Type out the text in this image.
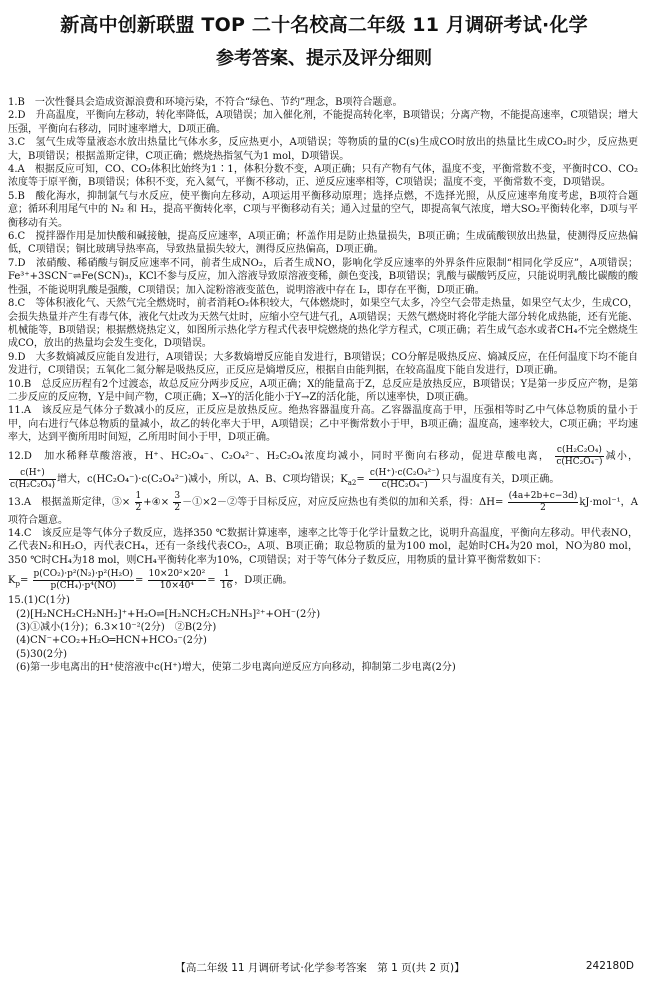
新高中创新联盟 TOP 二十名校高二年级 11 月调研考试·化学
参考答案、提示及评分细则
1.B　一次性餐具会造成资源浪费和环境污染，不符合“绿色、节约”理念，B项符合题意。
2.D　升高温度，平衡向左移动，转化率降低，A项错误；加入催化剂，不能提高转化率，B项错误；分离产物，不能提高速率，C项错误；增大压强，平衡向右移动，同时速率增大，D项正确。
3.C　氢气生成等量液态水放出热量比气体水多，反应热更小，A项错误；等物质的量的C(s)生成CO时放出的热量比生成CO₂时少，反应热更大，B项错误；根据盖斯定律，C项正确；燃烧热指氢气为1 mol，D项错误。
4.A　根据反应可知，CO、CO₂体积比始终为1∶1，体积分数不变，A项正确；只有产物有气体，温度不变，平衡常数不变，平衡时CO、CO₂浓度等于原平衡，B项错误；体积不变，充入氦气，平衡不移动，正、逆反应速率相等，C项错误；温度不变，平衡常数不变，D项错误。
5.B　酸化海水，抑制氯气与水反应，使平衡向左移动，A项运用平衡移动原理；选择点燃，不选择光照，从反应速率角度考虑，B项符合题意；循环利用尾气中的 N₂ 和 H₂，提高平衡转化率，C项与平衡移动有关；通入过量的空气，即提高氧气浓度，增大SO₂平衡转化率，D项与平衡移动有关。
6.C　搅拌器作用是加快酸和碱接触，提高反应速率，A项正确；杯盖作用是防止热量损失，B项正确；生成硫酸钡放出热量，使测得反应热偏低，C项错误；铜比玻璃导热率高，导致热量损失较大，测得反应热偏高，D项正确。
7.D　浓硝酸、稀硝酸与铜反应速率不同，前者生成NO₂，后者生成NO，影响化学反应速率的外界条件应限制“相同化学反应”，A项错误；Fe³⁺+3SCN⁻⇌Fe(SCN)₃，KCl不参与反应，加入溶液导致原溶液变稀，颜色变浅，B项错误；乳酸与碳酸钙反应，只能说明乳酸比碳酸的酸性强，不能说明乳酸是强酸，C项错误；加入淀粉溶液变蓝色，说明溶液中存在 I₂，即存在平衡，D项正确。
8.C　等体积液化气、天然气完全燃烧时，前者消耗O₂体积较大，气体燃烧时，如果空气太多，冷空气会带走热量，如果空气太少，生成CO，会损失热量并产生有毒气体，液化气灶改为天然气灶时，应缩小空气进气孔，A项错误；天然气燃烧时将化学能大部分转化成热能，还有光能、机械能等，B项错误；根据燃烧热定义，如图所示热化学方程式代表甲烷燃烧的热化学方程式，C项正确；若生成气态水或者CH₄不完全燃烧生成CO，放出的热量均会发生变化，D项错误。
9.D　大多数熵减反应能自发进行，A项错误；大多数熵增反应能自发进行，B项错误；CO分解是吸热反应、熵减反应，在任何温度下均不能自发进行，C项错误；五氧化二氮分解是吸热反应，正反应是熵增反应，根据自由能判据，在较高温度下能自发进行，D项正确。
10.B　总反应历程有2个过渡态，故总反应分两步反应，A项正确；X的能量高于Z，总反应是放热反应，B项错误；Y是第一步反应产物，是第二步反应的反应物，Y是中间产物，C项正确；X→Y的活化能小于Y→Z的活化能，所以速率快，D项正确。
11.A　该反应是气体分子数减小的反应，正反应是放热反应。绝热容器温度升高。乙容器温度高于甲，压强相等时乙中气体总物质的量小于甲，向右进行气体总物质的量减小，故乙的转化率大于甲，A项错误；乙中平衡常数小于甲，B项正确；温度高，速率较大，C项正确；平均速率大，达到平衡所用时间短，乙所用时间小于甲，D项正确。
12.D　加水稀释草酸溶液，H⁺、HC₂O₄⁻、C₂O₄²⁻、H₂C₂O₄浓度均减小，同时平衡向右移动，促进草酸电离， $\frac{\text{c(H₂C₂O₄)}}{\text{c(HC₂O₄⁻)}}$ 减小，
$\frac{c(H^+)}{\text{c(H₂C₂O₄)}}$ 增大，c(HC₂O₄⁻)·c(C₂O₄²⁻)减小，所以，A、B、C项均错误；$K_{a2}= \frac{\text{c(H⁺)·c(C₂O₄²⁻)}}{\text{c(HC₂O₄⁻)}}$ 只与温度有关，D项正确。
13.A　根据盖斯定律，③× $\frac{1}{2}$ +④× $\frac{3}{2}$ －①×2－②等于目标反应，对应反应热也有类似的加和关系，得：$\Delta H= \frac{(4a+2b+c-3d)}{2} kJ\cdot mol^{-1}$，A项符合题意。
14.C　该反应是等气体分子数反应，选择350 ℃数据计算速率，速率之比等于化学计量数之比，说明升高温度，平衡向左移动。甲代表NO，乙代表N₂和H₂O，丙代表CH₄，还有一条线代表CO₂，A项、B项正确；取总物质的量为100 mol，起始时CH₄为20 mol，NO为80 mol，350 ℃时CH₄为18 mol，则CH₄平衡转化率为10%，C项错误；对于等气体分子数反应，用物质的量计算平衡常数如下：
$K_p= \frac{\text{p(CO₂)·p²(N₂)·p²(H₂O)}}{\text{p(CH₄)·p⁴(NO)}} = \frac{\text{10×20²×20²}}{\text{10×40⁴}} = \frac{1}{16}$ ，D项正确。
15.(1)C(1分)
(2)[H₂NCH₂CH₂NH₂]⁺+H₂O⇌[H₂NCH₂CH₂NH₃]²⁺+OH⁻(2分)
(3)①减小(1分)；6.3×10⁻²(2分)　②B(2分)
(4)CN⁻+CO₂+H₂O═HCN+HCO₃⁻(2分)
(5)30(2分)
(6)第一步电离出的H⁺使溶液中c(H⁺)增大，使第二步电离向逆反应方向移动，抑制第二步电离(2分)
【高二年级 11 月调研考试·化学参考答案　第 1 页(共 2 页)】	242180D
